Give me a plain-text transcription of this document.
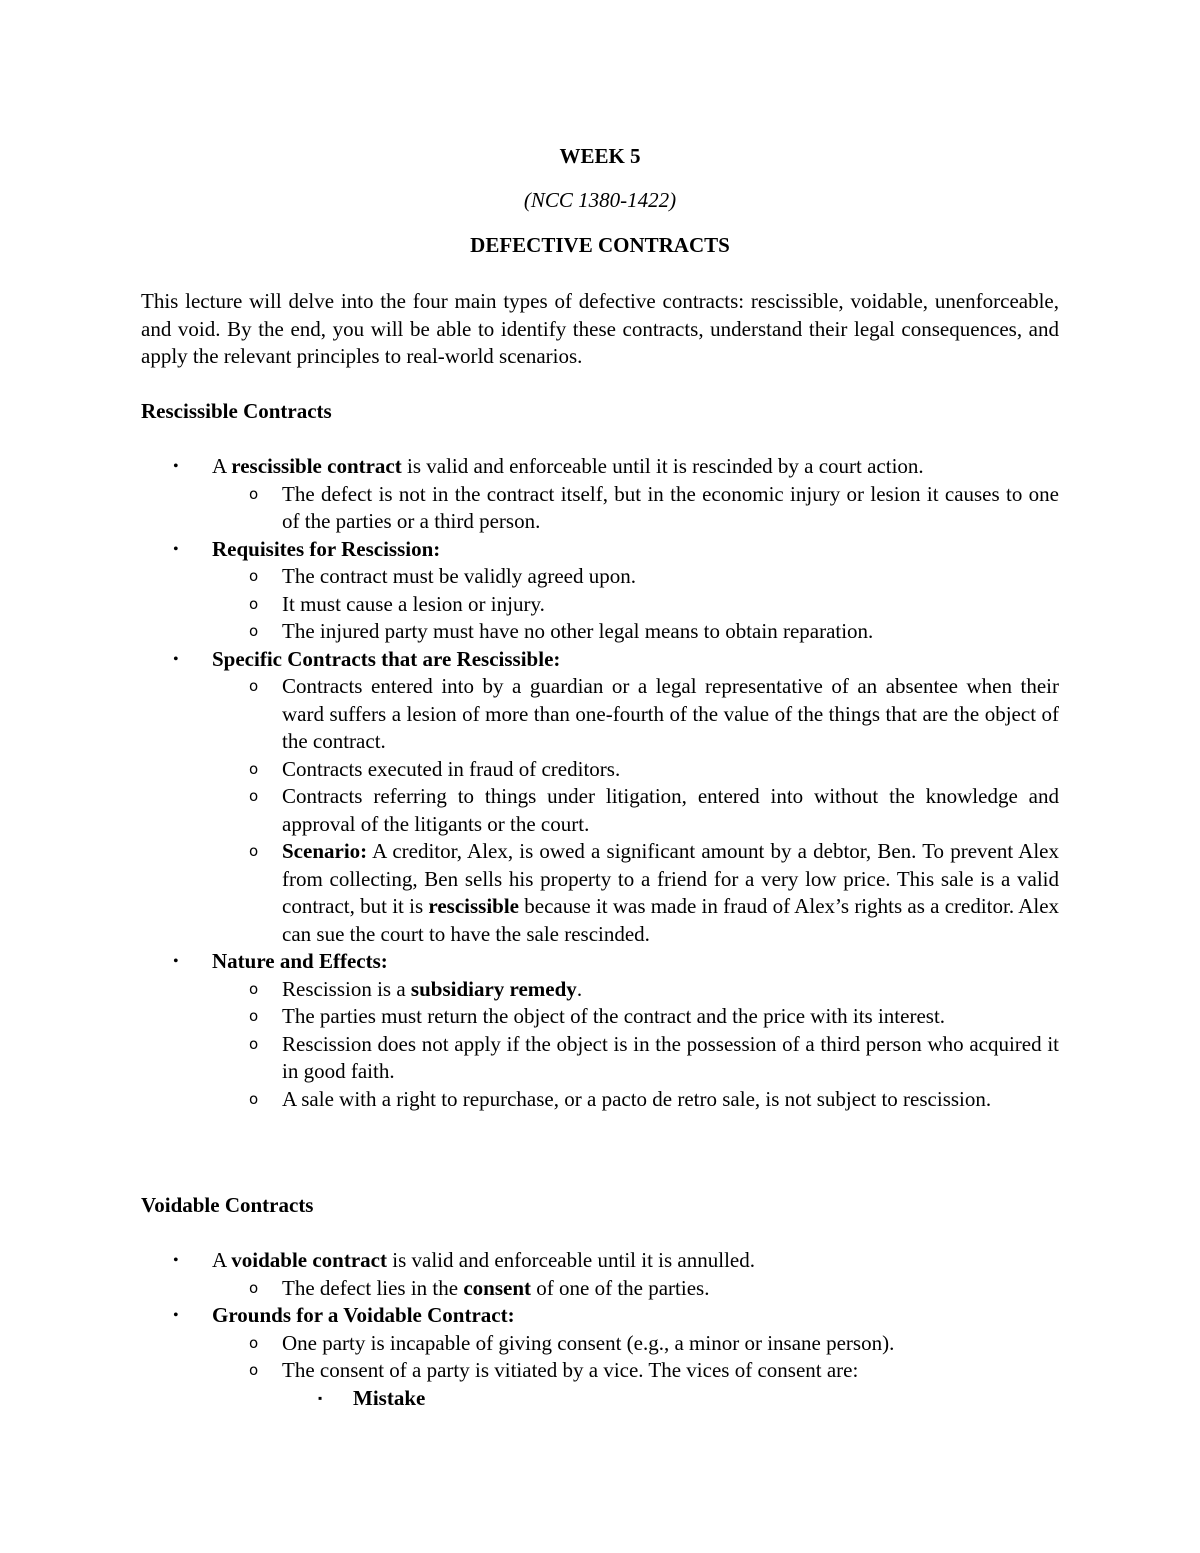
WEEK 5
(NCC 1380-1422)
DEFECTIVE CONTRACTS
This lecture will delve into the four main types of defective contracts: rescissible, voidable, unenforceable, and void. By the end, you will be able to identify these contracts, understand their legal consequences, and apply the relevant principles to real-world scenarios.
Rescissible Contracts
• A rescissible contract is valid and enforceable until it is rescinded by a court action.
o The defect is not in the contract itself, but in the economic injury or lesion it causes to one of the parties or a third person.
• Requisites for Rescission:
o The contract must be validly agreed upon.
o It must cause a lesion or injury.
o The injured party must have no other legal means to obtain reparation.
• Specific Contracts that are Rescissible:
o Contracts entered into by a guardian or a legal representative of an absentee when their ward suffers a lesion of more than one-fourth of the value of the things that are the object of the contract.
o Contracts executed in fraud of creditors.
o Contracts referring to things under litigation, entered into without the knowledge and approval of the litigants or the court.
o Scenario: A creditor, Alex, is owed a significant amount by a debtor, Ben. To prevent Alex from collecting, Ben sells his property to a friend for a very low price. This sale is a valid contract, but it is rescissible because it was made in fraud of Alex’s rights as a creditor. Alex can sue the court to have the sale rescinded.
• Nature and Effects:
o Rescission is a subsidiary remedy.
o The parties must return the object of the contract and the price with its interest.
o Rescission does not apply if the object is in the possession of a third person who acquired it in good faith.
o A sale with a right to repurchase, or a pacto de retro sale, is not subject to rescission.
Voidable Contracts
• A voidable contract is valid and enforceable until it is annulled.
o The defect lies in the consent of one of the parties.
• Grounds for a Voidable Contract:
o One party is incapable of giving consent (e.g., a minor or insane person).
o The consent of a party is vitiated by a vice. The vices of consent are:
▪ Mistake
